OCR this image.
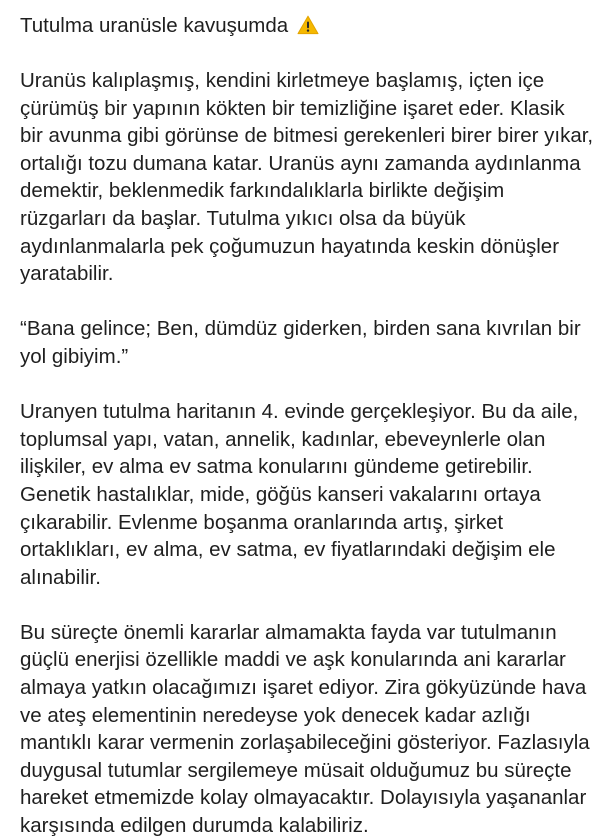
Tutulma uranüsle kavuşumda
Uranüs kalıplaşmış, kendini kirletmeye başlamış, içten içe
çürümüş bir yapının kökten bir temizliğine işaret eder. Klasik
bir avunma gibi görünse de bitmesi gerekenleri birer birer yıkar,
ortalığı tozu dumana katar. Uranüs aynı zamanda aydınlanma
demektir, beklenmedik farkındalıklarla birlikte değişim
rüzgarları da başlar. Tutulma yıkıcı olsa da büyük
aydınlanmalarla pek çoğumuzun hayatında keskin dönüşler
yaratabilir.
“Bana gelince; Ben, dümdüz giderken, birden sana kıvrılan bir
yol gibiyim.”
Uranyen tutulma haritanın 4. evinde gerçekleşiyor. Bu da aile,
toplumsal yapı, vatan, annelik, kadınlar, ebeveynlerle olan
ilişkiler, ev alma ev satma konularını gündeme getirebilir.
Genetik hastalıklar, mide, göğüs kanseri vakalarını ortaya
çıkarabilir. Evlenme boşanma oranlarında artış, şirket
ortaklıkları, ev alma, ev satma, ev fiyatlarındaki değişim ele
alınabilir.
Bu süreçte önemli kararlar almamakta fayda var tutulmanın
güçlü enerjisi özellikle maddi ve aşk konularında ani kararlar
almaya yatkın olacağımızı işaret ediyor. Zira gökyüzünde hava
ve ateş elementinin neredeyse yok denecek kadar azlığı
mantıklı karar vermenin zorlaşabileceğini gösteriyor. Fazlasıyla
duygusal tutumlar sergilemeye müsait olduğumuz bu süreçte
hareket etmemizde kolay olmayacaktır. Dolayısıyla yaşananlar
karşısında edilgen durumda kalabiliriz.
